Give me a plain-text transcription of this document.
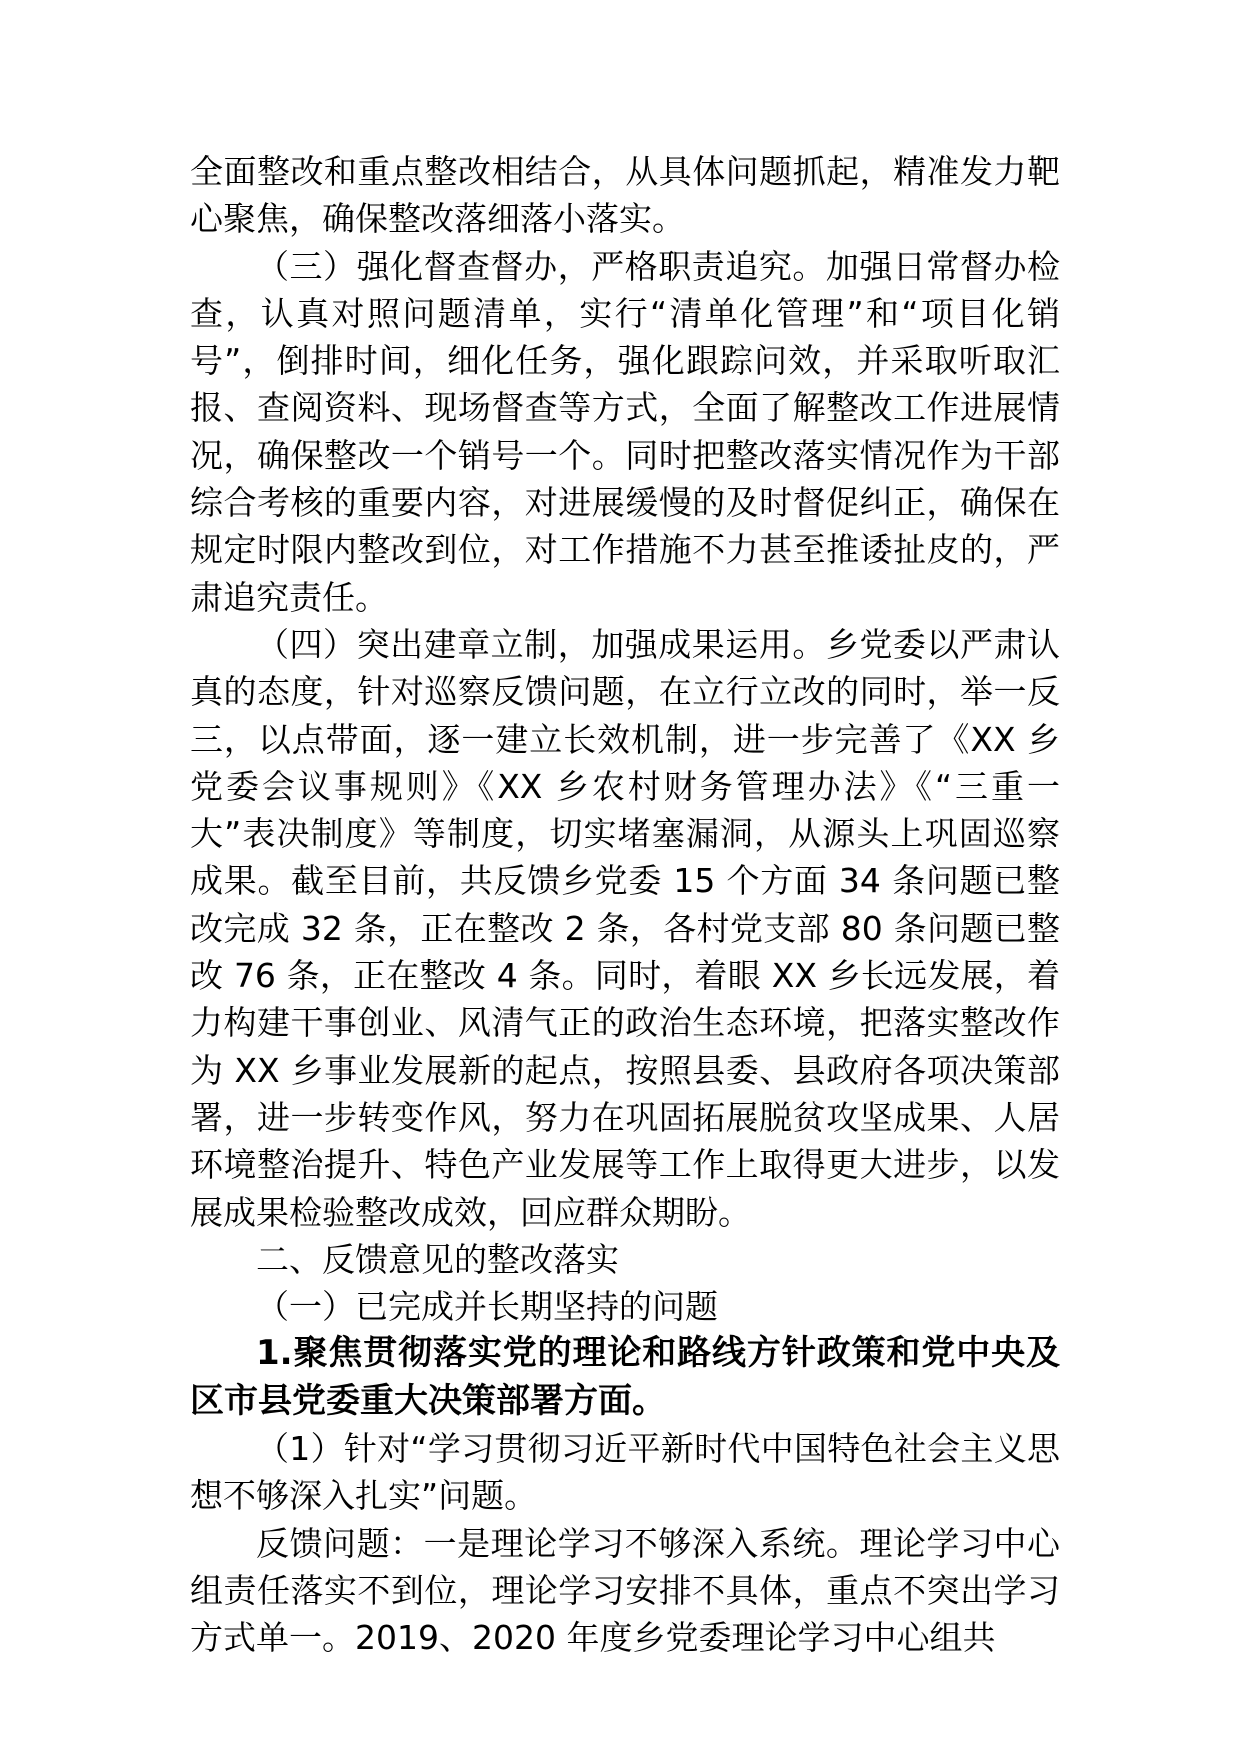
全面整改和重点整改相结合，从具体问题抓起，精准发力靶心聚焦，确保整改落细落小落实。

（三）强化督查督办，严格职责追究。加强日常督办检查，认真对照问题清单，实行“清单化管理”和“项目化销号”，倒排时间，细化任务，强化跟踪问效，并采取听取汇报、查阅资料、现场督查等方式，全面了解整改工作进展情况，确保整改一个销号一个。同时把整改落实情况作为干部综合考核的重要内容，对进展缓慢的及时督促纠正，确保在规定时限内整改到位，对工作措施不力甚至推诿扯皮的，严肃追究责任。

（四）突出建章立制，加强成果运用。乡党委以严肃认真的态度，针对巡察反馈问题，在立行立改的同时，举一反三，以点带面，逐一建立长效机制，进一步完善了《XX 乡党委会议事规则》《XX 乡农村财务管理办法》《“三重一大”表决制度》等制度，切实堵塞漏洞，从源头上巩固巡察成果。截至目前，共反馈乡党委 15 个方面 34 条问题已整改完成 32 条，正在整改 2 条，各村党支部 80 条问题已整改 76 条，正在整改 4 条。同时，着眼 XX 乡长远发展，着力构建干事创业、风清气正的政治生态环境，把落实整改作为 XX 乡事业发展新的起点，按照县委、县政府各项决策部署，进一步转变作风，努力在巩固拓展脱贫攻坚成果、人居环境整治提升、特色产业发展等工作上取得更大进步，以发展成果检验整改成效，回应群众期盼。

二、反馈意见的整改落实

（一）已完成并长期坚持的问题

1.聚焦贯彻落实党的理论和路线方针政策和党中央及区市县党委重大决策部署方面。

（1）针对“学习贯彻习近平新时代中国特色社会主义思想不够深入扎实”问题。

反馈问题：一是理论学习不够深入系统。理论学习中心组责任落实不到位，理论学习安排不具体，重点不突出学习方式单一。2019、2020 年度乡党委理论学习中心组共
